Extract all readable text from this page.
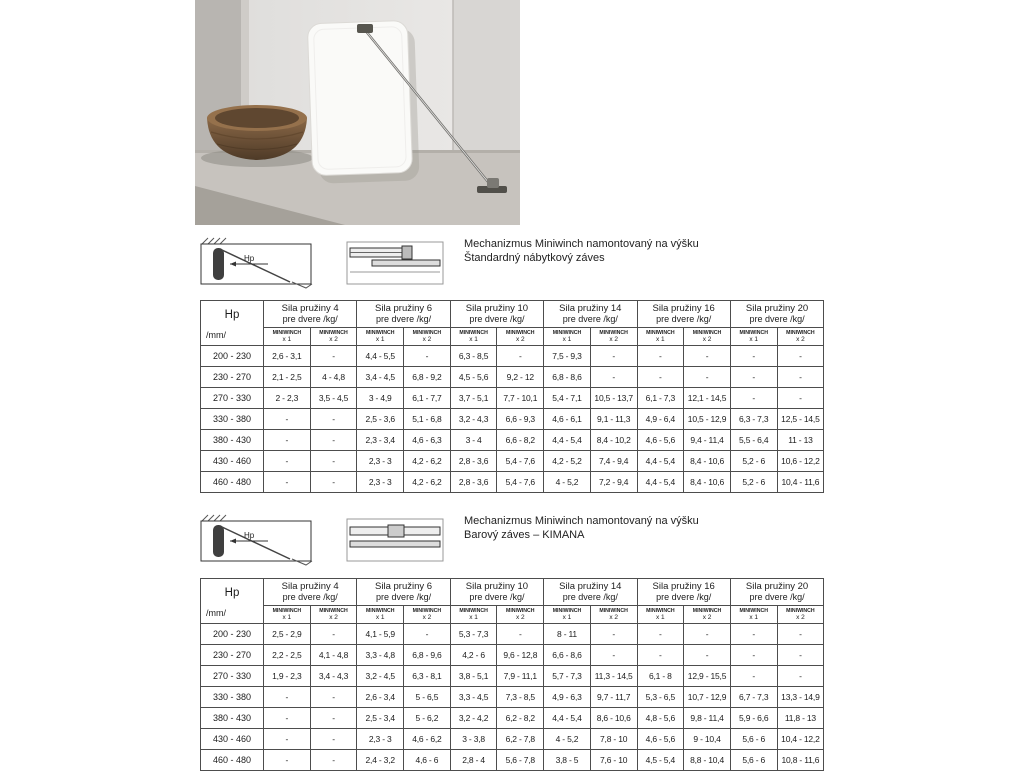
Hp
Mechanizmus Miniwinch namontovaný na výšku
Štandardný nábytkový záves
Hp
/mm/

Sila pružiny 4
pre dvere /kg/

Sila pružiny 6
pre dvere /kg/

Sila pružiny 10
pre dvere /kg/

Sila pružiny 14
pre dvere /kg/

Sila pružiny 16
pre dvere /kg/

Sila pružiny 20
pre dvere /kg/

MINIWINCH
x 1

MINIWINCH
x 2

MINIWINCH
x 1

MINIWINCH
x 2

MINIWINCH
x 1

MINIWINCH
x 2

MINIWINCH
x 1

MINIWINCH
x 2

MINIWINCH
x 1

MINIWINCH
x 2

MINIWINCH
x 1

MINIWINCH
x 2

200 - 230	2,6 - 3,1	-	4,4 - 5,5	-	6,3 - 8,5	-	7,5 - 9,3	-	-	-	-	-
230 - 270	2,1 - 2,5	4 - 4,8	3,4 - 4,5	6,8 - 9,2	4,5 - 5,6	9,2 - 12	6,8 - 8,6	-	-	-	-	-
270 - 330	2 - 2,3	3,5 - 4,5	3 - 4,9	6,1 - 7,7	3,7 - 5,1	7,7 - 10,1	5,4 - 7,1	10,5 - 13,7	6,1 - 7,3	12,1 - 14,5	-	-
330 - 380	-	-	2,5 - 3,6	5,1 - 6,8	3,2 - 4,3	6,6 - 9,3	4,6 - 6,1	9,1 - 11,3	4,9 - 6,4	10,5 - 12,9	6,3 - 7,3	12,5 - 14,5
380 - 430	-	-	2,3 - 3,4	4,6 - 6,3	3 - 4	6,6 - 8,2	4,4 - 5,4	8,4 - 10,2	4,6 - 5,6	9,4 - 11,4	5,5 - 6,4	11 - 13
430 - 460	-	-	2,3 - 3	4,2 - 6,2	2,8 - 3,6	5,4 - 7,6	4,2 - 5,2	7,4 - 9,4	4,4 - 5,4	8,4 - 10,6	5,2 - 6	10,6 - 12,2
460 - 480	-	-	2,3 - 3	4,2 - 6,2	2,8 - 3,6	5,4 - 7,6	4 - 5,2	7,2 - 9,4	4,4 - 5,4	8,4 - 10,6	5,2 - 6	10,4 - 11,6
Hp
Mechanizmus Miniwinch namontovaný na výšku
Barový záves – KIMANA
Hp
/mm/

Sila pružiny 4
pre dvere /kg/

Sila pružiny 6
pre dvere /kg/

Sila pružiny 10
pre dvere /kg/

Sila pružiny 14
pre dvere /kg/

Sila pružiny 16
pre dvere /kg/

Sila pružiny 20
pre dvere /kg/

MINIWINCH
x 1

MINIWINCH
x 2

MINIWINCH
x 1

MINIWINCH
x 2

MINIWINCH
x 1

MINIWINCH
x 2

MINIWINCH
x 1

MINIWINCH
x 2

MINIWINCH
x 1

MINIWINCH
x 2

MINIWINCH
x 1

MINIWINCH
x 2

200 - 230	2,5 - 2,9	-	4,1 - 5,9	-	5,3 - 7,3	-	8 - 11	-	-	-	-	-
230 - 270	2,2 - 2,5	4,1 - 4,8	3,3 - 4,8	6,8 - 9,6	4,2 - 6	9,6 - 12,8	6,6 - 8,6	-	-	-	-	-
270 - 330	1,9 - 2,3	3,4 - 4,3	3,2 - 4,5	6,3 - 8,1	3,8 - 5,1	7,9 - 11,1	5,7 - 7,3	11,3 - 14,5	6,1 - 8	12,9 - 15,5	-	-
330 - 380	-	-	2,6 - 3,4	5 - 6,5	3,3 - 4,5	7,3 - 8,5	4,9 - 6,3	9,7 - 11,7	5,3 - 6,5	10,7 - 12,9	6,7 - 7,3	13,3 - 14,9
380 - 430	-	-	2,5 - 3,4	5 - 6,2	3,2 - 4,2	6,2 - 8,2	4,4 - 5,4	8,6 - 10,6	4,8 - 5,6	9,8 - 11,4	5,9 - 6,6	11,8 - 13
430 - 460	-	-	2,3 - 3	4,6 - 6,2	3 - 3,8	6,2 - 7,8	4 - 5,2	7,8 - 10	4,6 - 5,6	9 - 10,4	5,6 - 6	10,4 - 12,2
460 - 480	-	-	2,4 - 3,2	4,6 - 6	2,8 - 4	5,6 - 7,8	3,8 - 5	7,6 - 10	4,5 - 5,4	8,8 - 10,4	5,6 - 6	10,8 - 11,6
